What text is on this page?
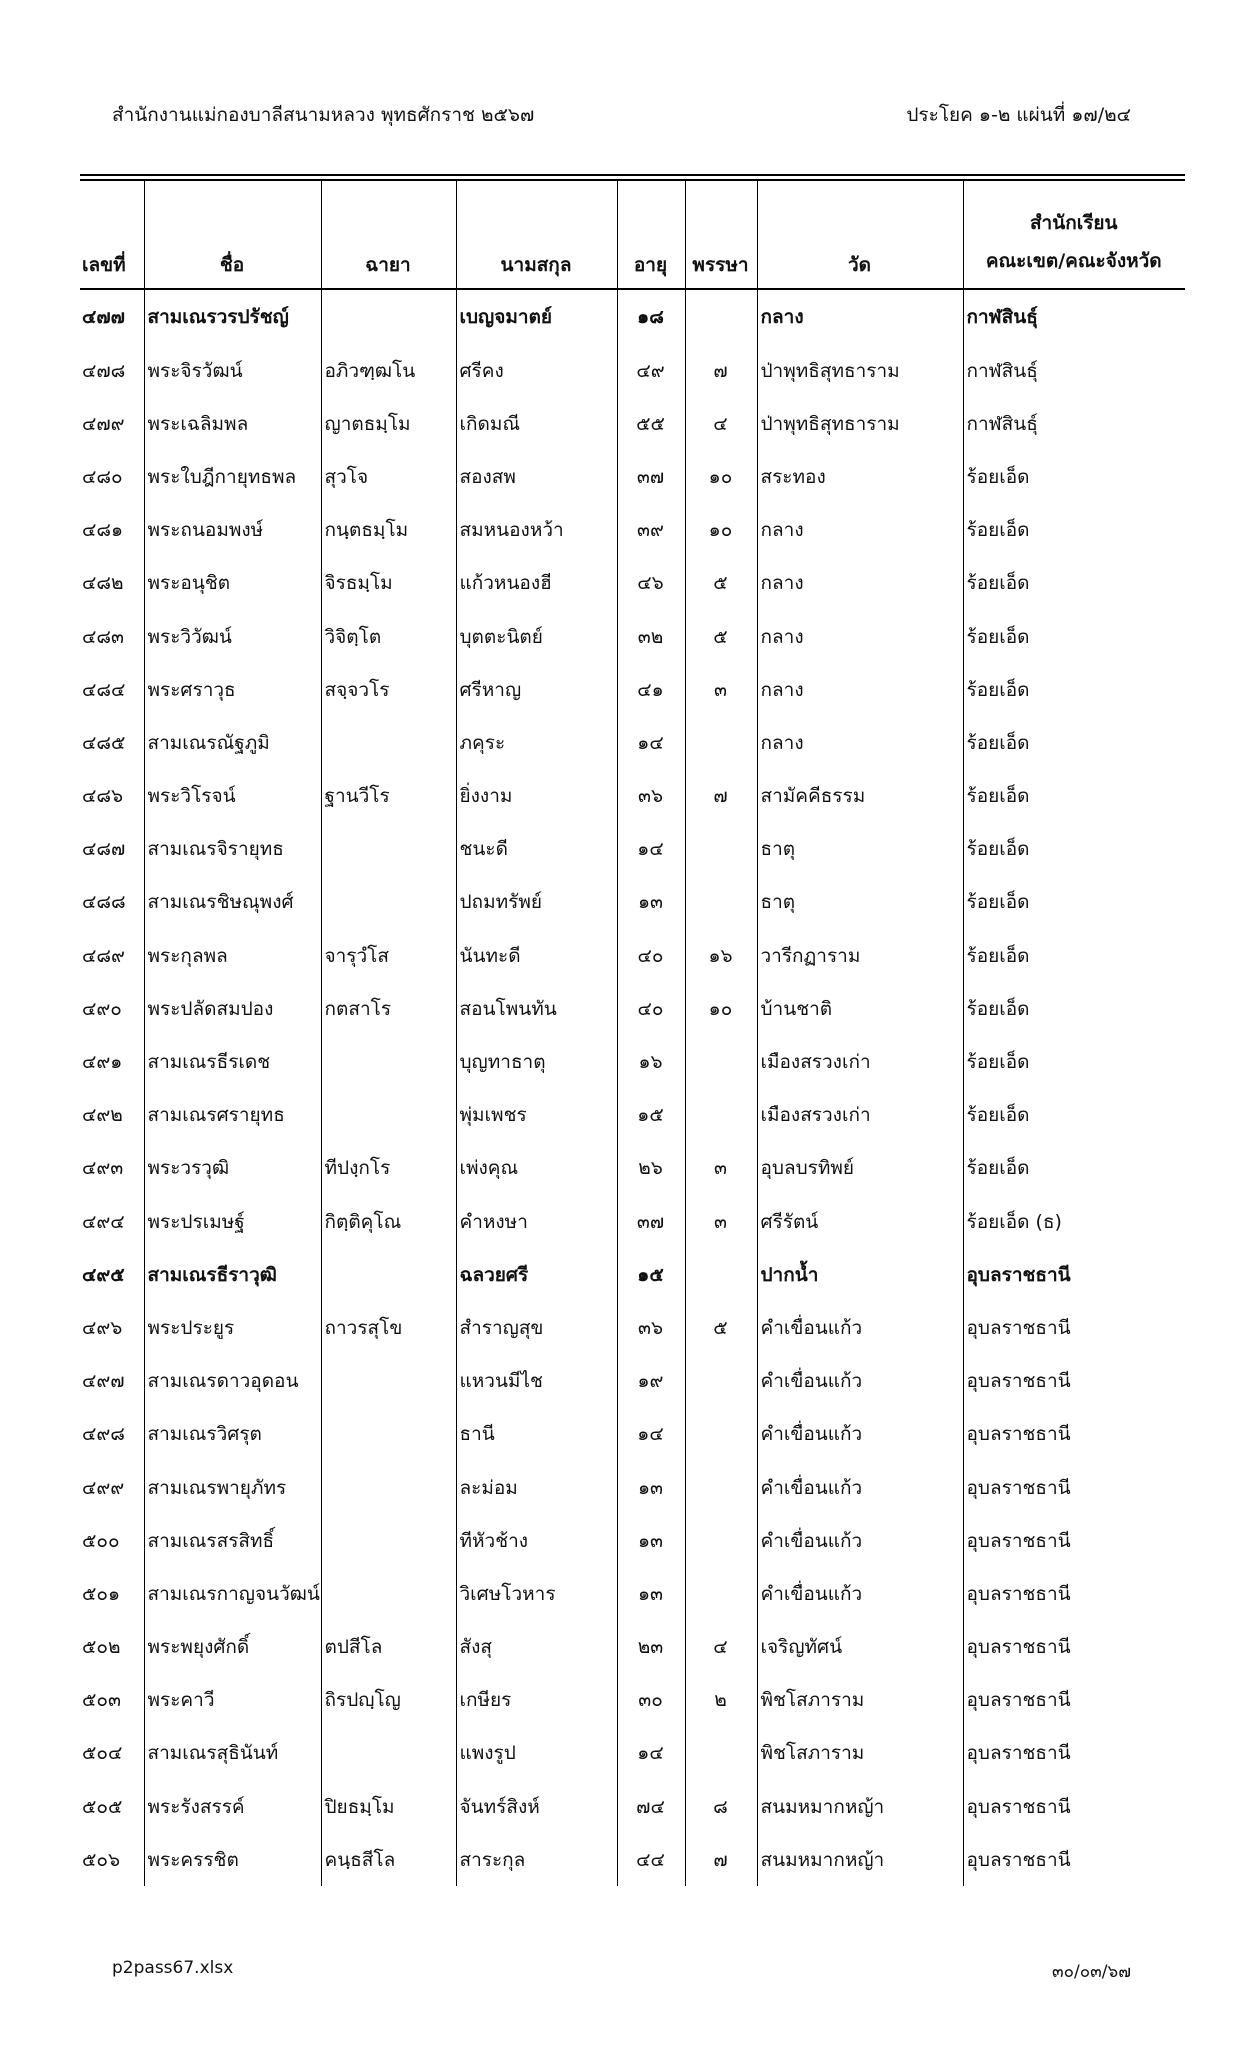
สำนักงานแม่กองบาลีสนามหลวง พุทธศักราช ๒๕๖๗	ประโยค ๑-๒ แผ่นที่ ๑๗/๒๔
เลขที่	ชื่อ	ฉายา	นามสกุล	อายุ	พรรษา	วัด	สำนักเรียน
คณะเขต/คณะจังหวัด

๔๗๗	สามเณรวรปรัชญ์		เบญจมาตย์	๑๘		กลาง	กาฬสินธุ์
๔๗๘	พระจิรวัฒน์	อภิวฑฺฒโน	ศรีคง	๔๙	๗	ป่าพุทธิสุทธาราม	กาฬสินธุ์
๔๗๙	พระเฉลิมพล	ญาตธมฺโม	เกิดมณี	๕๕	๔	ป่าพุทธิสุทธาราม	กาฬสินธุ์
๔๘๐	พระใบฎีกายุทธพล	สุวโจ	สองสพ	๓๗	๑๐	สระทอง	ร้อยเอ็ด
๔๘๑	พระถนอมพงษ์	กนฺตธมฺโม	สมหนองหว้า	๓๙	๑๐	กลาง	ร้อยเอ็ด
๔๘๒	พระอนุชิต	จิรธมฺโม	แก้วหนองฮี	๔๖	๕	กลาง	ร้อยเอ็ด
๔๘๓	พระวิวัฒน์	วิจิตฺโต	บุตตะนิตย์	๓๒	๕	กลาง	ร้อยเอ็ด
๔๘๔	พระศราวุธ	สจฺจวโร	ศรีหาญ	๔๑	๓	กลาง	ร้อยเอ็ด
๔๘๕	สามเณรณัฐภูมิ		ภคุระ	๑๔		กลาง	ร้อยเอ็ด
๔๘๖	พระวิโรจน์	ฐานวีโร	ยิ่งงาม	๓๖	๗	สามัคคีธรรม	ร้อยเอ็ด
๔๘๗	สามเณรจิรายุทธ		ชนะดี	๑๔		ธาตุ	ร้อยเอ็ด
๔๘๘	สามเณรชิษณุพงศ์		ปถมทรัพย์	๑๓		ธาตุ	ร้อยเอ็ด
๔๘๙	พระกุลพล	จารุวํโส	นันทะดี	๔๐	๑๖	วารีกฏาราม	ร้อยเอ็ด
๔๙๐	พระปลัดสมปอง	กตสาโร	สอนโพนทัน	๔๐	๑๐	บ้านชาติ	ร้อยเอ็ด
๔๙๑	สามเณรธีรเดช		บุญทาธาตุ	๑๖		เมืองสรวงเก่า	ร้อยเอ็ด
๔๙๒	สามเณรศรายุทธ		พุ่มเพชร	๑๕		เมืองสรวงเก่า	ร้อยเอ็ด
๔๙๓	พระวรวุฒิ	ทีปงฺกโร	เพ่งคุณ	๒๖	๓	อุบลบรทิพย์	ร้อยเอ็ด
๔๙๔	พระปรเมษฐ์	กิตฺติคุโณ	คำหงษา	๓๗	๓	ศรีรัตน์	ร้อยเอ็ด (ธ)
๔๙๕	สามเณรธีราวุฒิ		ฉลวยศรี	๑๕		ปากน้ำ	อุบลราชธานี
๔๙๖	พระประยูร	ถาวรสุโข	สำราญสุข	๓๖	๕	คำเขื่อนแก้ว	อุบลราชธานี
๔๙๗	สามเณรดาวอุดอน		แหวนมีไช	๑๙		คำเขื่อนแก้ว	อุบลราชธานี
๔๙๘	สามเณรวิศรุต		ธานี	๑๔		คำเขื่อนแก้ว	อุบลราชธานี
๔๙๙	สามเณรพายุภัทร		ละม่อม	๑๓		คำเขื่อนแก้ว	อุบลราชธานี
๕๐๐	สามเณรสรสิทธิ์		ทีหัวช้าง	๑๓		คำเขื่อนแก้ว	อุบลราชธานี
๕๐๑	สามเณรกาญจนวัฒน์		วิเศษโวหาร	๑๓		คำเขื่อนแก้ว	อุบลราชธานี
๕๐๒	พระพยุงศักดิ์	ตปสีโล	สังสุ	๒๓	๔	เจริญทัศน์	อุบลราชธานี
๕๐๓	พระคาวี	ถิรปญฺโญ	เกษียร	๓๐	๒	พิชโสภาราม	อุบลราชธานี
๕๐๔	สามเณรสุธินันท์		แพงรูป	๑๔		พิชโสภาราม	อุบลราชธานี
๕๐๕	พระรังสรรค์	ปิยธมฺโม	จันทร์สิงห์	๗๔	๘	สนมหมากหญ้า	อุบลราชธานี
๕๐๖	พระครรชิต	คนฺธสีโล	สาระกุล	๔๔	๗	สนมหมากหญ้า	อุบลราชธานี
p2pass67.xlsx	๓๐/๐๓/๖๗
